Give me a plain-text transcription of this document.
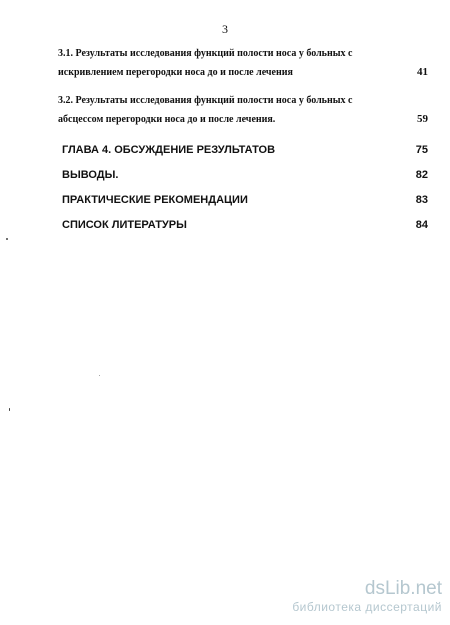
3
3.1. Результаты исследования функций полости носа у больных с
искривлением перегородки носа до и после лечения	41
3.2. Результаты исследования функций полости носа у больных с
абсцессом перегородки носа до и после лечения.	59
ГЛАВА 4. ОБСУЖДЕНИЕ РЕЗУЛЬТАТОВ	75
ВЫВОДЫ.	82
ПРАКТИЧЕСКИЕ РЕКОМЕНДАЦИИ	83
СПИСОК ЛИТЕРАТУРЫ	84
dsLib.net
библиотека диссертаций
